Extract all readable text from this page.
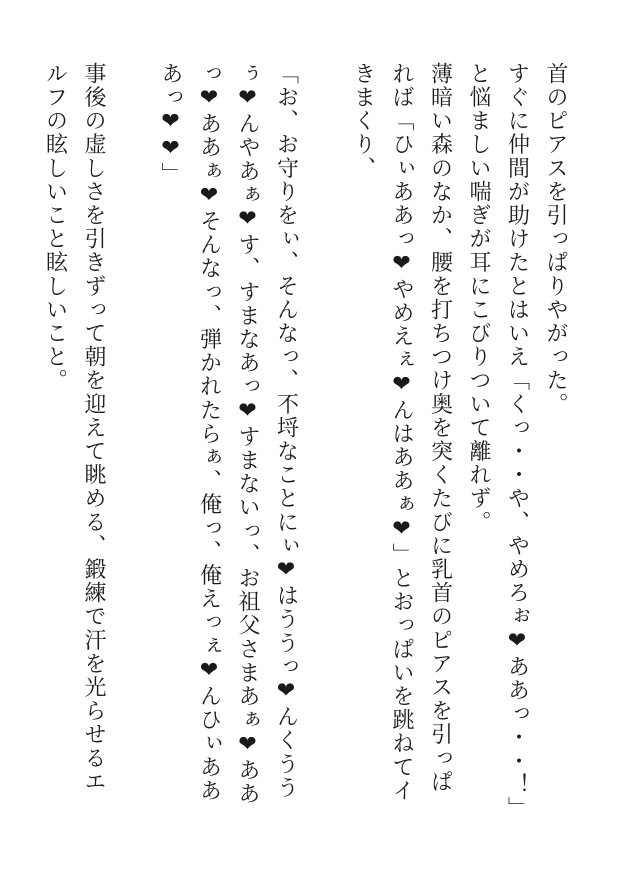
首のピアスを引っぱりやがった。
すぐに仲間が助けたとはいえ「くっ・・や、やめろぉ❤ああっ・・！」
と悩ましい喘ぎが耳にこびりついて離れず。
薄暗い森のなか、腰を打ちつけ奥を突くたびに乳首のピアスを引っぱ
れば「ひぃああっ❤やめえぇ❤んはああぁ❤」とおっぱいを跳ねてイ
きまくり、
「お、お守りをぃ、そんなっ、不埒なことにぃ❤はううっ❤んくうう
ぅ❤んやあぁ❤す、すまなあっ❤すまないっ、お祖父さまあぁ❤ああ
っ❤ああぁ❤そんなっ、弾かれたらぁ、俺っ、俺えっぇ❤んひぃああ
あっ❤❤」
事後の虚しさを引きずって朝を迎えて眺める、鍛練で汗を光らせるエ
ルフの眩しいこと眩しいこと。
